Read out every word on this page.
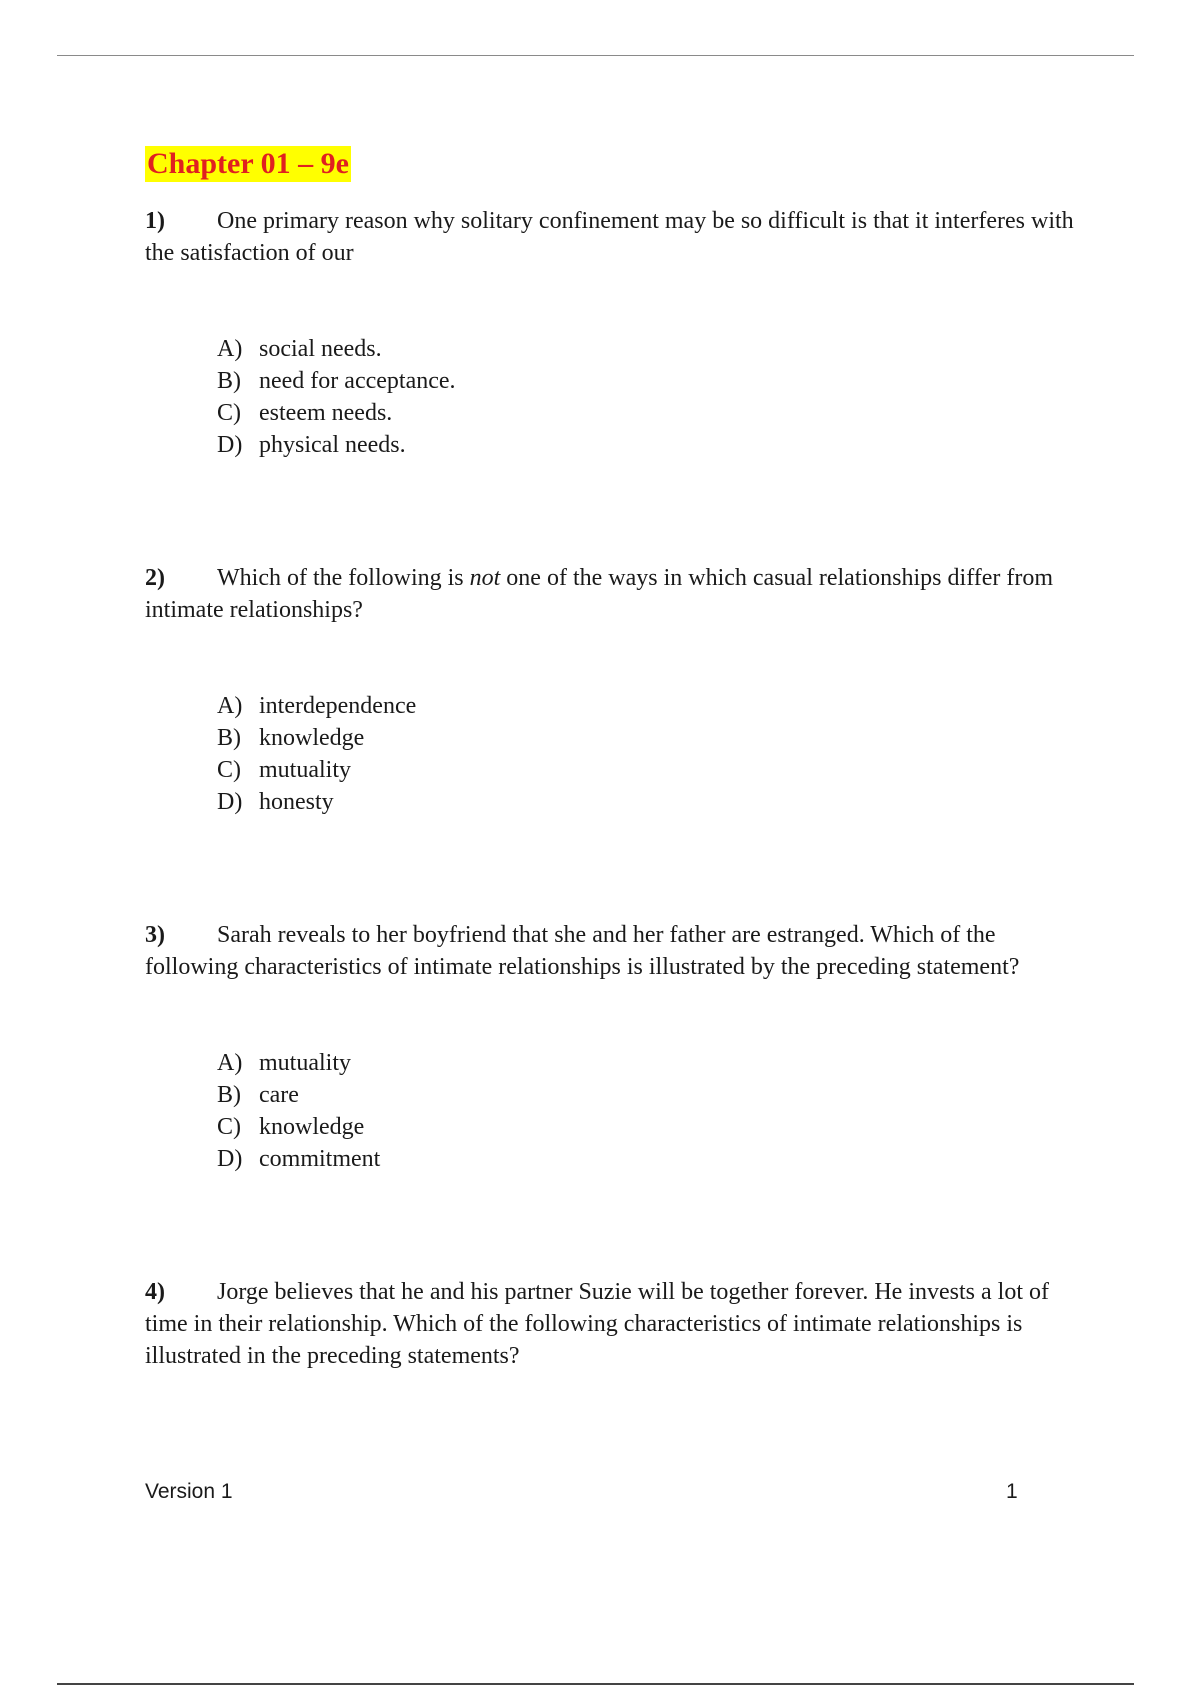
Chapter 01 – 9e

1) One primary reason why solitary confinement may be so difficult is that it interferes with the satisfaction of our

A) social needs.
B) need for acceptance.
C) esteem needs.
D) physical needs.

2) Which of the following is not one of the ways in which casual relationships differ from intimate relationships?

A) interdependence
B) knowledge
C) mutuality
D) honesty

3) Sarah reveals to her boyfriend that she and her father are estranged. Which of the following characteristics of intimate relationships is illustrated by the preceding statement?

A) mutuality
B) care
C) knowledge
D) commitment

4) Jorge believes that he and his partner Suzie will be together forever. He invests a lot of time in their relationship. Which of the following characteristics of intimate relationships is illustrated in the preceding statements?

Version 1	1
